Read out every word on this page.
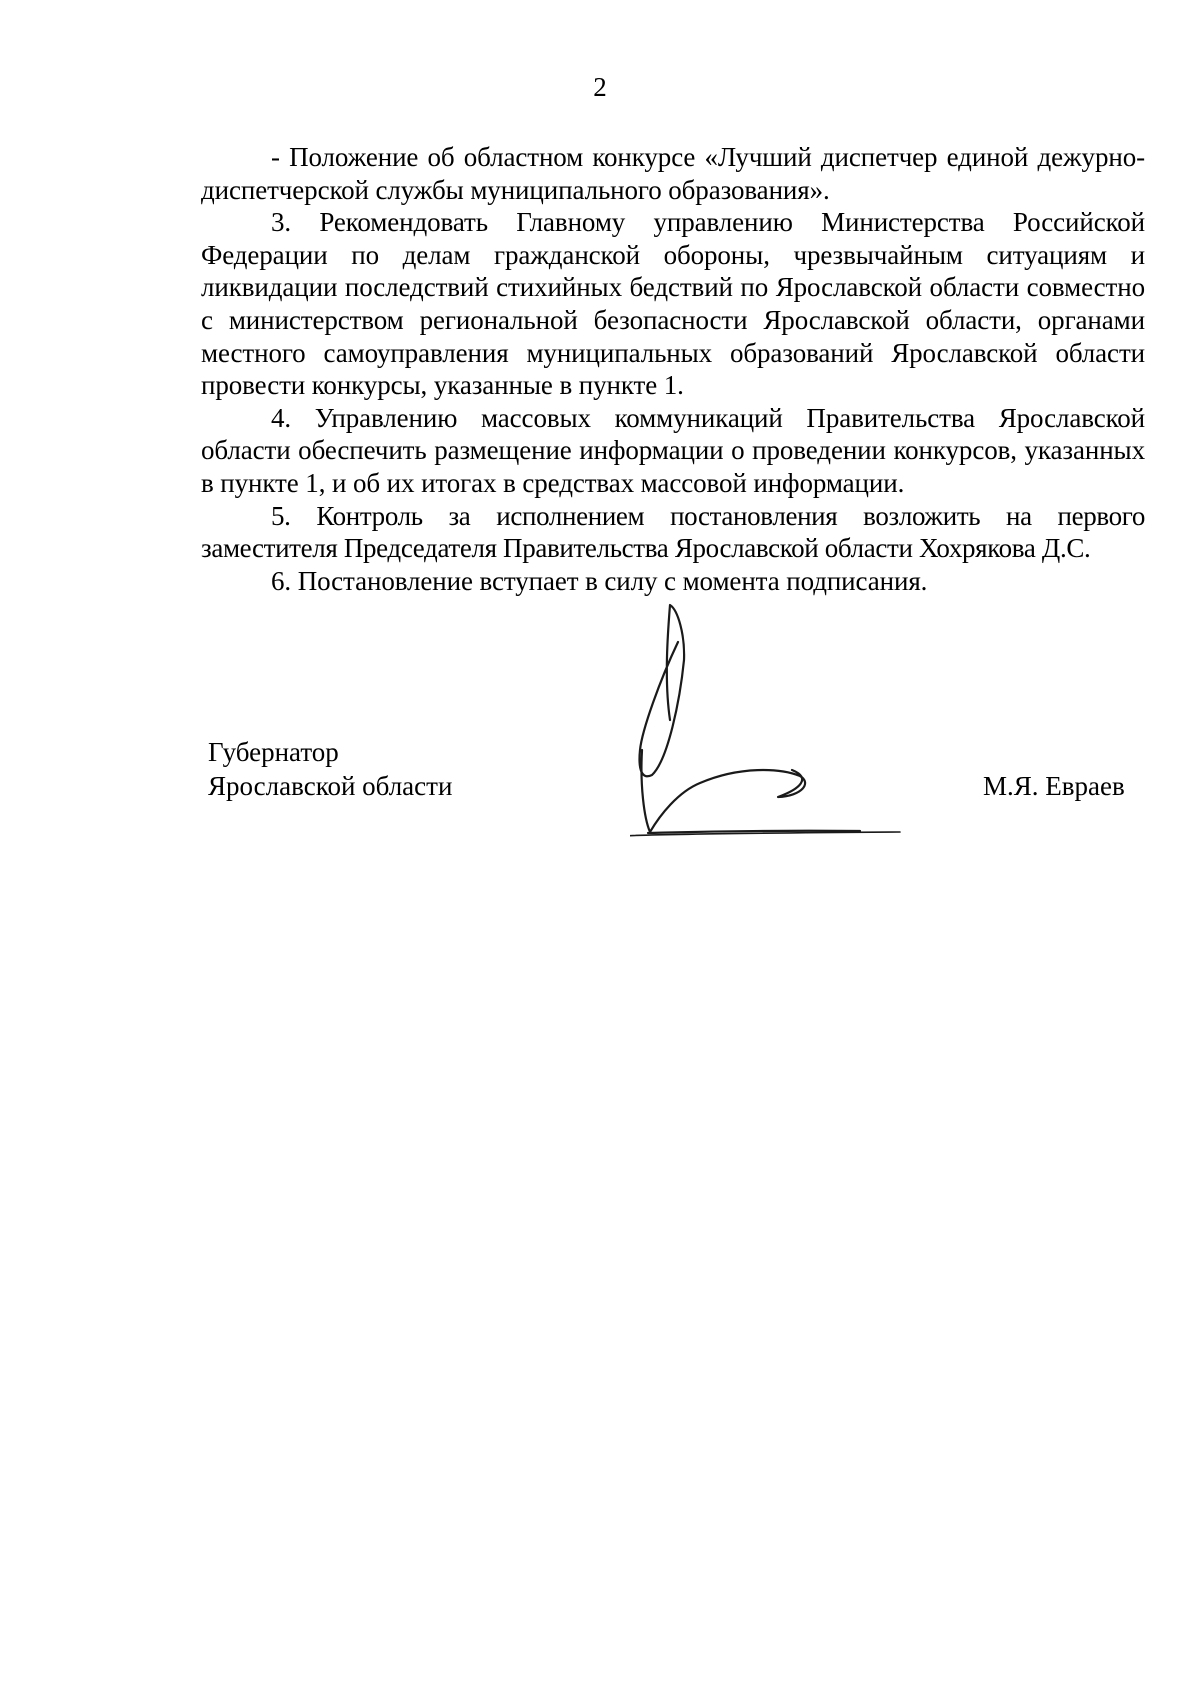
2

- Положение об областном конкурсе «Лучший диспетчер единой дежурно-диспетчерской службы муниципального образования».

3. Рекомендовать Главному управлению Министерства Российской Федерации по делам гражданской обороны, чрезвычайным ситуациям и ликвидации последствий стихийных бедствий по Ярославской области совместно с министерством региональной безопасности Ярославской области, органами местного самоуправления муниципальных образований Ярославской области провести конкурсы, указанные в пункте 1.

4. Управлению массовых коммуникаций Правительства Ярославской области обеспечить размещение информации о проведении конкурсов, указанных в пункте 1, и об их итогах в средствах массовой информации.

5. Контроль за исполнением постановления возложить на первого заместителя Председателя Правительства Ярославской области Хохрякова Д.С.

6. Постановление вступает в силу с момента подписания.

Губернатор
Ярославской области	М.Я. Евраев
